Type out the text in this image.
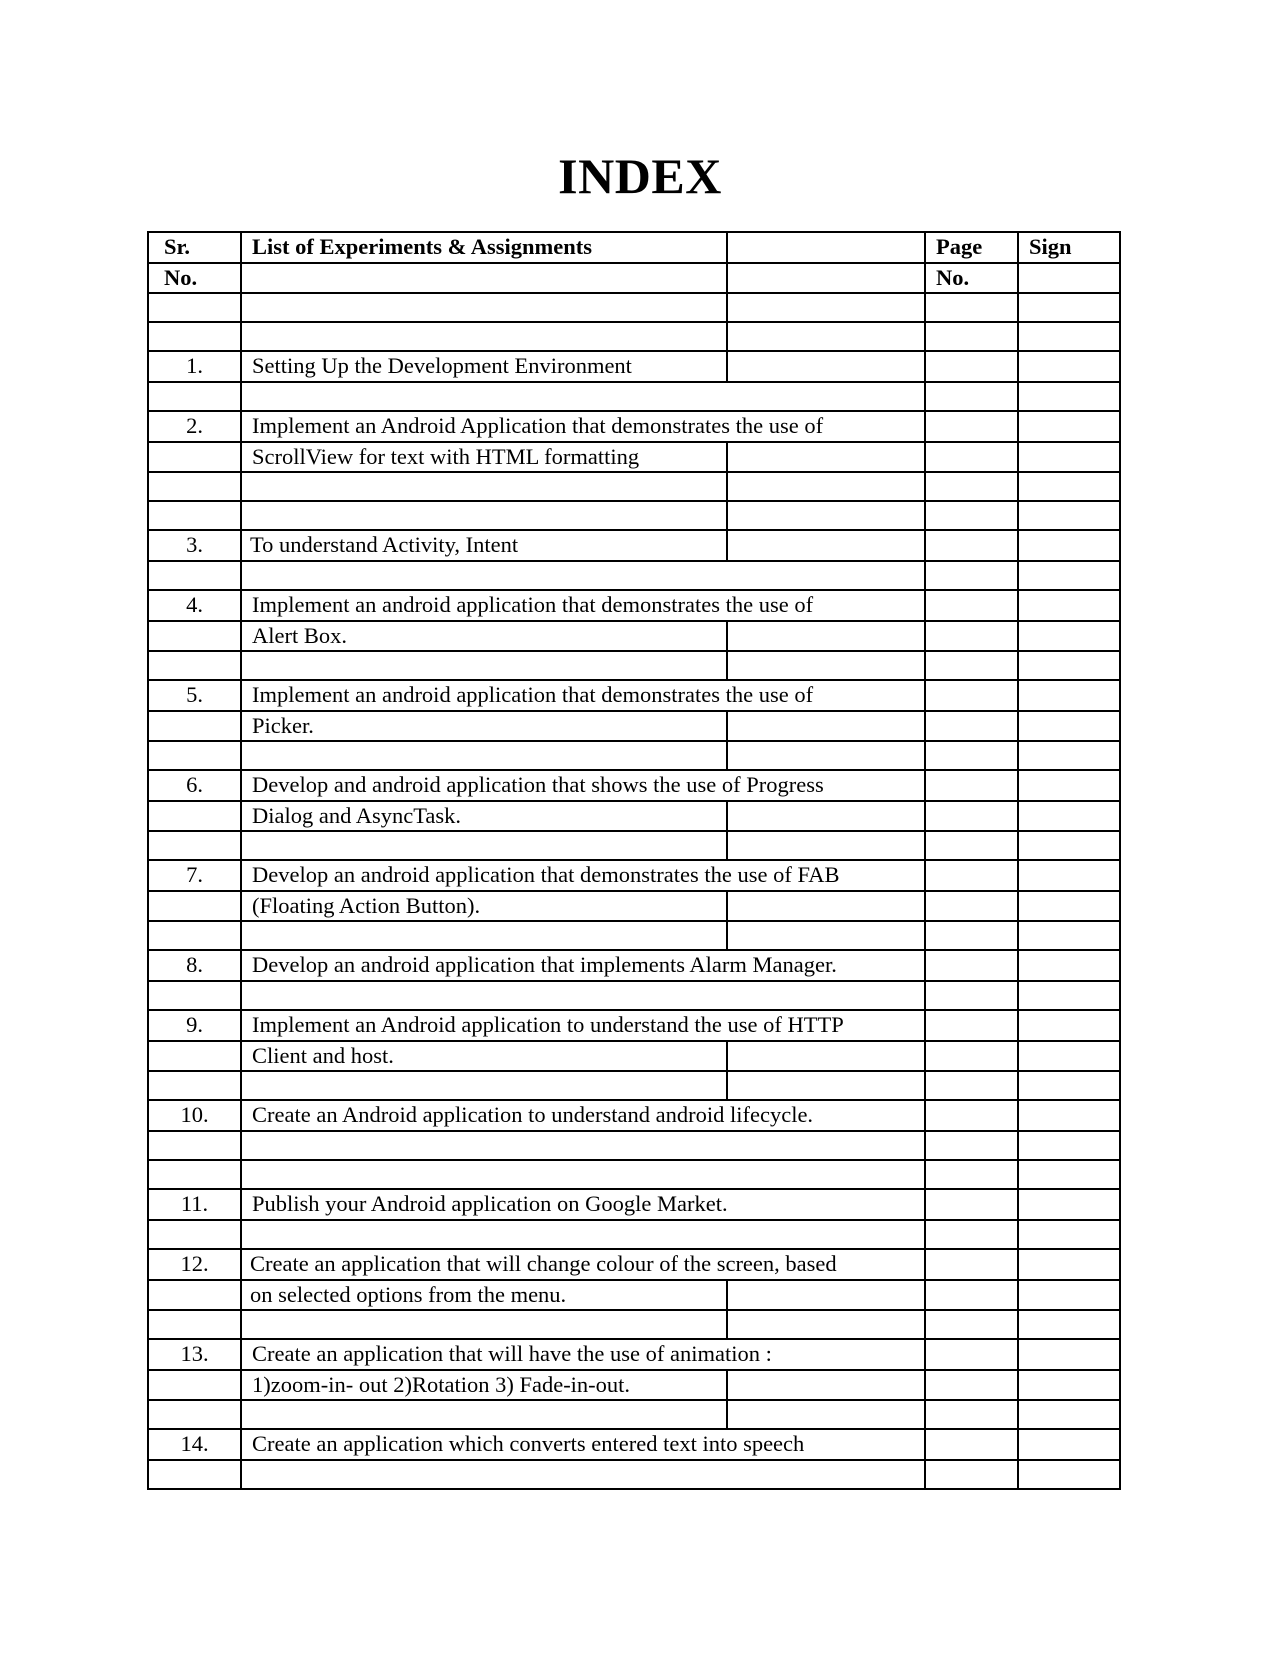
INDEX
Sr.	List of Experiments & Assignments		Page	Sign
No.			No.	

1.	Setting Up the Development Environment			

2.	Implement an Android Application that demonstrates the use of			
	ScrollView for text with HTML formatting			

3.	To understand Activity, Intent			

4.	Implement an android application that demonstrates the use of			
	Alert Box.			

5.	Implement an android application that demonstrates the use of			
	Picker.			

6.	Develop and android application that shows the use of Progress			
	Dialog and AsyncTask.			

7.	Develop an android application that demonstrates the use of FAB			
	(Floating Action Button).			

8.	Develop an android application that implements Alarm Manager.			

9.	Implement an Android application to understand the use of HTTP			
	Client and host.			

10.	Create an Android application to understand android lifecycle.			

11.	Publish your Android application on Google Market.			

12.	Create an application that will change colour of the screen, based			
	on selected options from the menu.			

13.	Create an application that will have the use of animation :			
	1)zoom-in- out 2)Rotation 3) Fade-in-out.			

14.	Create an application which converts entered text into speech			
